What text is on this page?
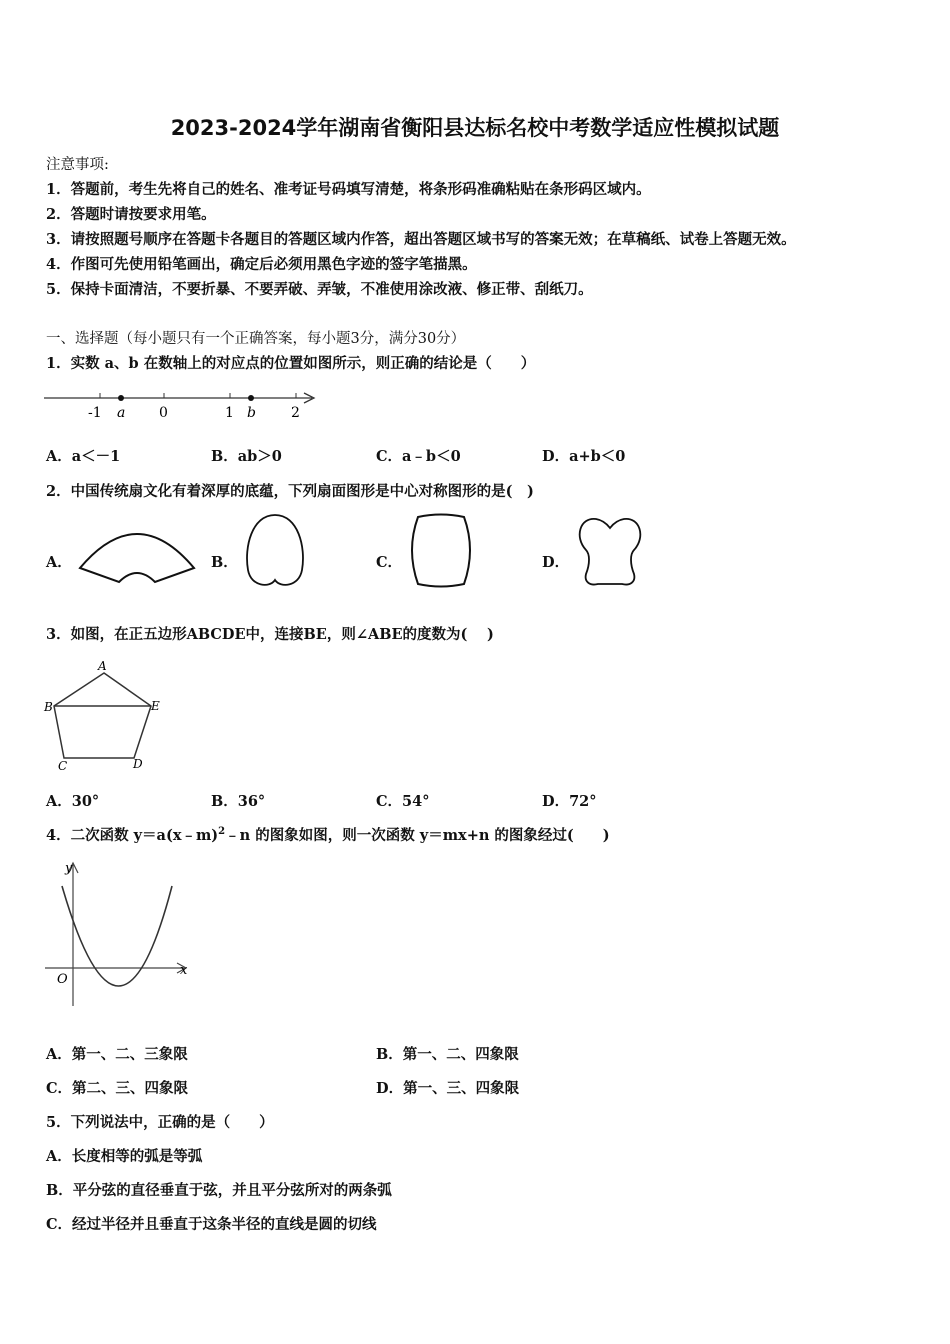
2023-2024学年湖南省衡阳县达标名校中考数学适应性模拟试题
注意事项:
1．答题前，考生先将自己的姓名、准考证号码填写清楚，将条形码准确粘贴在条形码区域内。
2．答题时请按要求用笔。
3．请按照题号顺序在答题卡各题目的答题区域内作答，超出答题区域书写的答案无效；在草稿纸、试卷上答题无效。
4．作图可先使用铅笔画出，确定后必须用黑色字迹的签字笔描黑。
5．保持卡面清洁，不要折暴、不要弄破、弄皱，不准使用涂改液、修正带、刮纸刀。
一、选择题（每小题只有一个正确答案，每小题3分，满分30分）
1．实数 a、b 在数轴上的对应点的位置如图所示，则正确的结论是（　　）
-1	0	1	2
a	b
A．a＜－1	B．ab＞0	C．a﹣b＜0	D．a+b＜0
2．中国传统扇文化有着深厚的底蕴，下列扇面图形是中心对称图形的是(　)
A．	B．	C．	D．
3．如图，在正五边形ABCDE中，连接BE，则∠ABE的度数为(　 )
A
B
C	D
E
A．30°	B．36°	C．54°	D．72°
4．二次函数 y＝a(x﹣m)$^2$﹣n 的图象如图，则一次函数 y＝mx+n 的图象经过(　　)
y
x
O
A．第一、二、三象限	B．第一、二、四象限
C．第二、三、四象限	D．第一、三、四象限
5．下列说法中，正确的是（　　）
A．长度相等的弧是等弧
B．平分弦的直径垂直于弦，并且平分弦所对的两条弧
C．经过半径并且垂直于这条半径的直线是圆的切线
